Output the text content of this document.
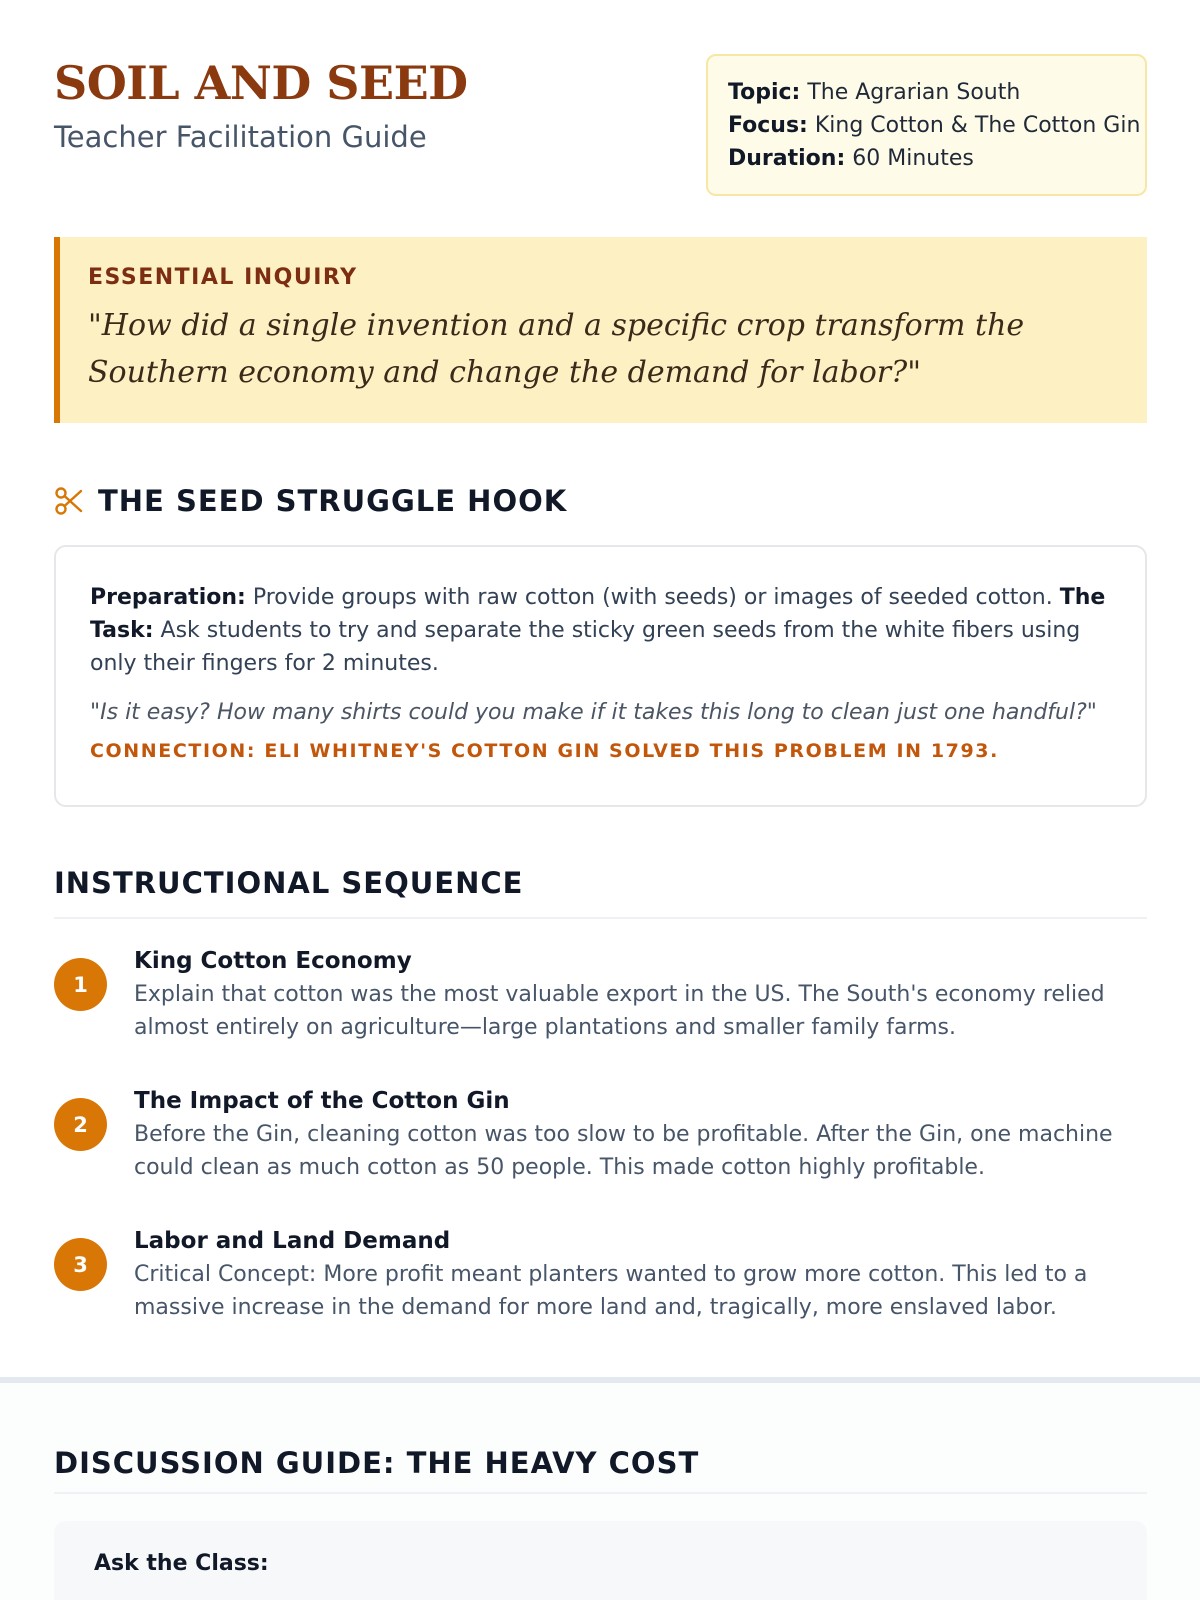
SOIL AND SEED
Teacher Facilitation Guide
Topic: The Agrarian South
Focus: King Cotton & The Cotton Gin
Duration: 60 Minutes
ESSENTIAL INQUIRY
"How did a single invention and a specific crop transform the Southern economy and change the demand for labor?"
THE SEED STRUGGLE HOOK

Preparation: Provide groups with raw cotton (with seeds) or images of seeded cotton. The Task: Ask students to try and separate the sticky green seeds from the white fibers using only their fingers for 2 minutes.

"Is it easy? How many shirts could you make if it takes this long to clean just one handful?"

CONNECTION: ELI WHITNEY'S COTTON GIN SOLVED THIS PROBLEM IN 1793.

INSTRUCTIONAL SEQUENCE
1
King Cotton Economy
Explain that cotton was the most valuable export in the US. The South's economy relied almost entirely on agriculture—large plantations and smaller family farms.
2
The Impact of the Cotton Gin
Before the Gin, cleaning cotton was too slow to be profitable. After the Gin, one machine could clean as much cotton as 50 people. This made cotton highly profitable.
3
Labor and Land Demand
Critical Concept: More profit meant planters wanted to grow more cotton. This led to a massive increase in the demand for more land and, tragically, more enslaved labor.
DISCUSSION GUIDE: THE HEAVY COST
Ask the Class:
